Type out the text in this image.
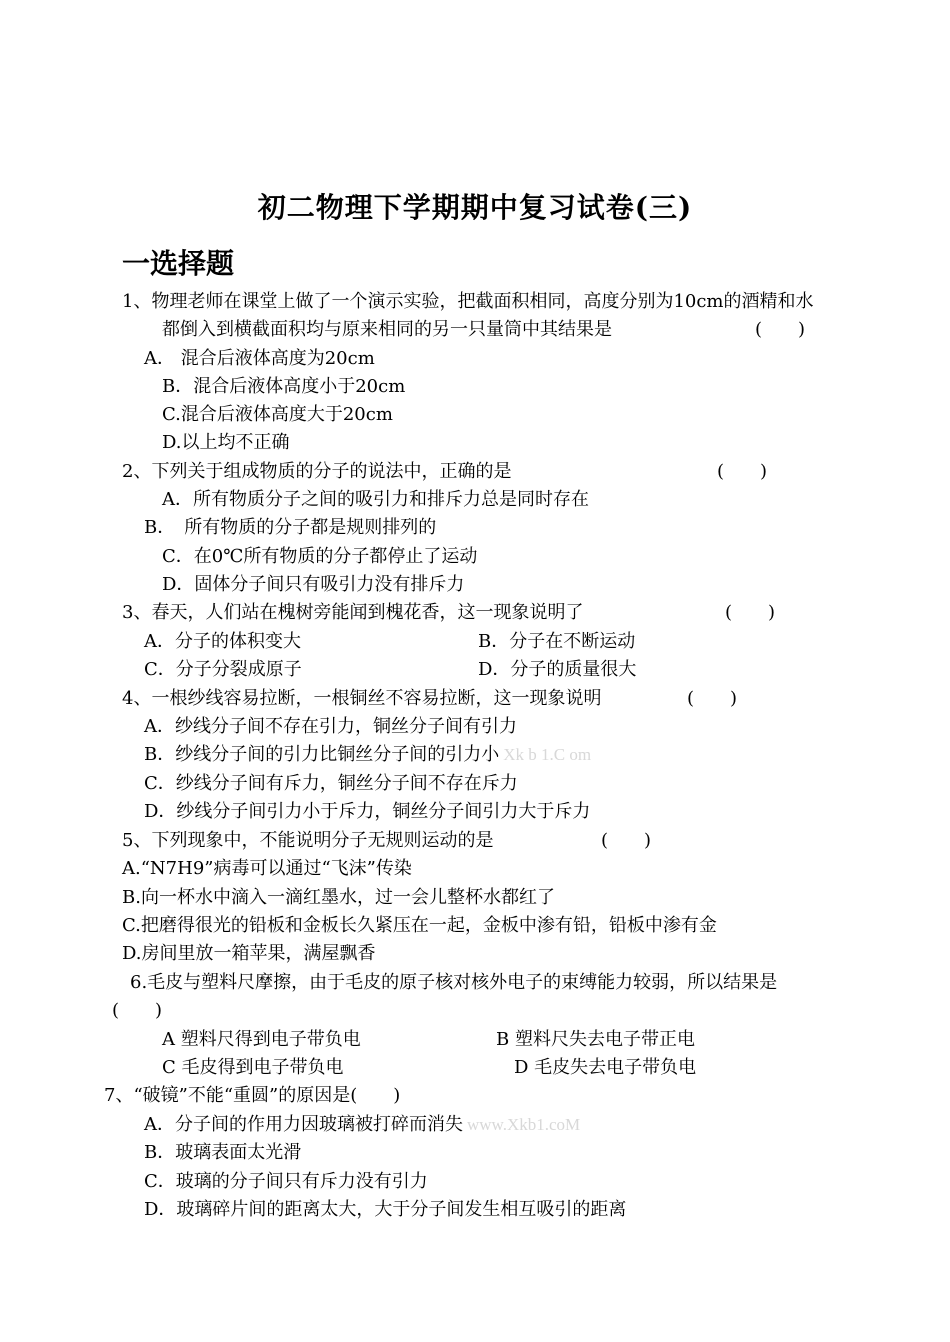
初二物理下学期期中复习试卷(三)
一选择题
1、物理老师在课堂上做了一个演示实验，把截面积相同，高度分别为10cm的酒精和水
都倒入到横截面积均与原来相同的另一只量筒中其结果是	(　　)
A． 混合后液体高度为20cm
B．混合后液体高度小于20cm
C.混合后液体高度大于20cm
D.以上均不正确
2、下列关于组成物质的分子的说法中，正确的是	(　　)
A．所有物质分子之间的吸引力和排斥力总是同时存在
B．　所有物质的分子都是规则排列的
C．在0℃所有物质的分子都停止了运动
D．固体分子间只有吸引力没有排斥力
3、春天，人们站在槐树旁能闻到槐花香，这一现象说明了	(　　)
A．分子的体积变大	B．分子在不断运动
C．分子分裂成原子	D．分子的质量很大
4、一根纱线容易拉断，一根铜丝不容易拉断，这一现象说明	(　　)
A．纱线分子间不存在引力，铜丝分子间有引力
B．纱线分子间的引力比铜丝分子间的引力小 Xk b 1.C om
C．纱线分子间有斥力，铜丝分子间不存在斥力
D．纱线分子间引力小于斥力，铜丝分子间引力大于斥力
5、下列现象中，不能说明分子无规则运动的是	(　　)
A.“N7H9”病毒可以通过“飞沫”传染
B.向一杯水中滴入一滴红墨水，过一会儿整杯水都红了
C.把磨得很光的铅板和金板长久紧压在一起，金板中渗有铅，铅板中渗有金
D.房间里放一箱苹果，满屋飘香
6.毛皮与塑料尺摩擦，由于毛皮的原子核对核外电子的束缚能力较弱，所以结果是
(　　)
A 塑料尺得到电子带负电	B 塑料尺失去电子带正电
C 毛皮得到电子带负电	D 毛皮失去电子带负电
7、“破镜”不能“重圆”的原因是(　　)
A．分子间的作用力因玻璃被打碎而消失 www.Xkb1.coM
B．玻璃表面太光滑
C．玻璃的分子间只有斥力没有引力
D．玻璃碎片间的距离太大，大于分子间发生相互吸引的距离
